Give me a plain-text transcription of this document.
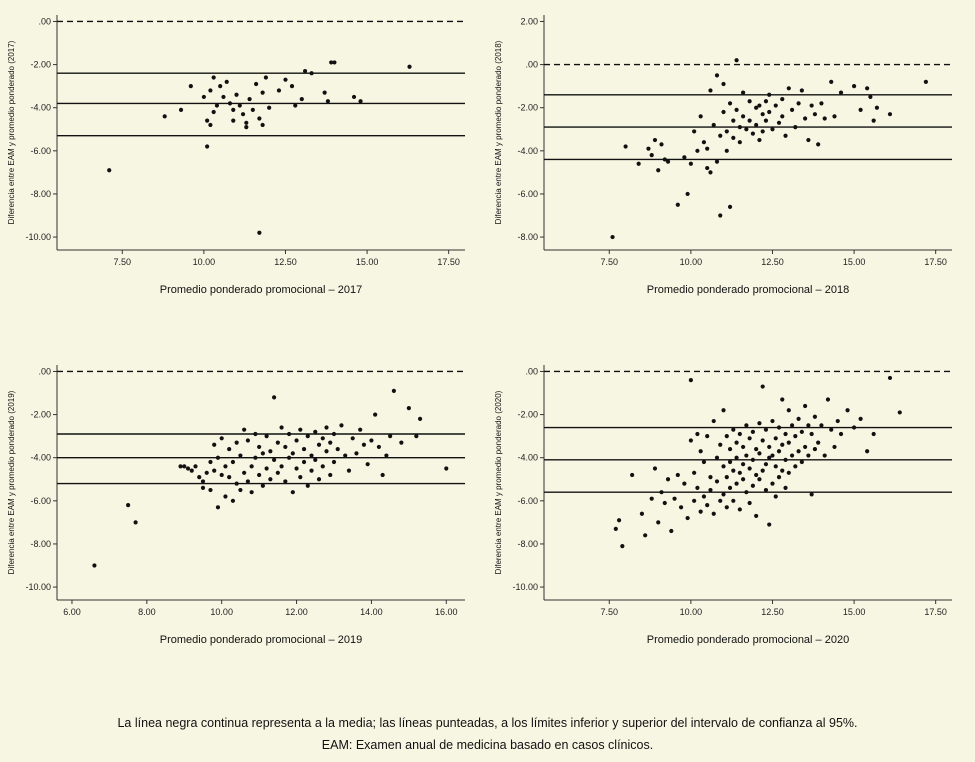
.00
-2.00
-4.00
-6.00
-8.00
-10.00
7.50	10.00	12.50	15.00	17.50
Promedio ponderado promocional – 2017
Diferencia entre EAM y promedio ponderado (2017)
2.00
.00
-2.00
-4.00
-6.00
-8.00
7.50	10.00	12.50	15.00	17.50
Promedio ponderado promocional – 2018
Diferencia entre EAM y promedio ponderado (2018)
.00
-2.00
-4.00
-6.00
-8.00
-10.00
6.00	8.00	10.00	12.00	14.00	16.00
Promedio ponderado promocional – 2019
Diferencia entre EAM y promedio ponderado (2019)
.00
-2.00
-4.00
-6.00
-8.00
-10.00
7.50	10.00	12.50	15.00	17.50
Promedio ponderado promocional – 2020
Diferencia entre EAM y promedio ponderado (2020)
La línea negra continua representa a la media; las líneas punteadas, a los límites inferior y superior del intervalo de confianza al 95%.
EAM: Examen anual de medicina basado en casos clínicos.
